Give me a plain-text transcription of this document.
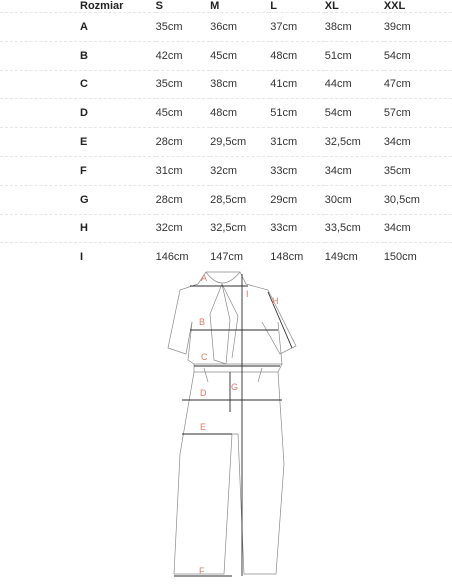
Rozmiar	S	M	L	XL	XXL
A	35cm	36cm	37cm	38cm	39cm
B	42cm	45cm	48cm	51cm	54cm
C	35cm	38cm	41cm	44cm	47cm
D	45cm	48cm	51cm	54cm	57cm
E	28cm	29,5cm	31cm	32,5cm	34cm
F	31cm	32cm	33cm	34cm	35cm
G	28cm	28,5cm	29cm	30cm	30,5cm
H	32cm	32,5cm	33cm	33,5cm	34cm
I	146cm	147cm	148cm	149cm	150cm
A
B
C
D
E
F
G
H
I
